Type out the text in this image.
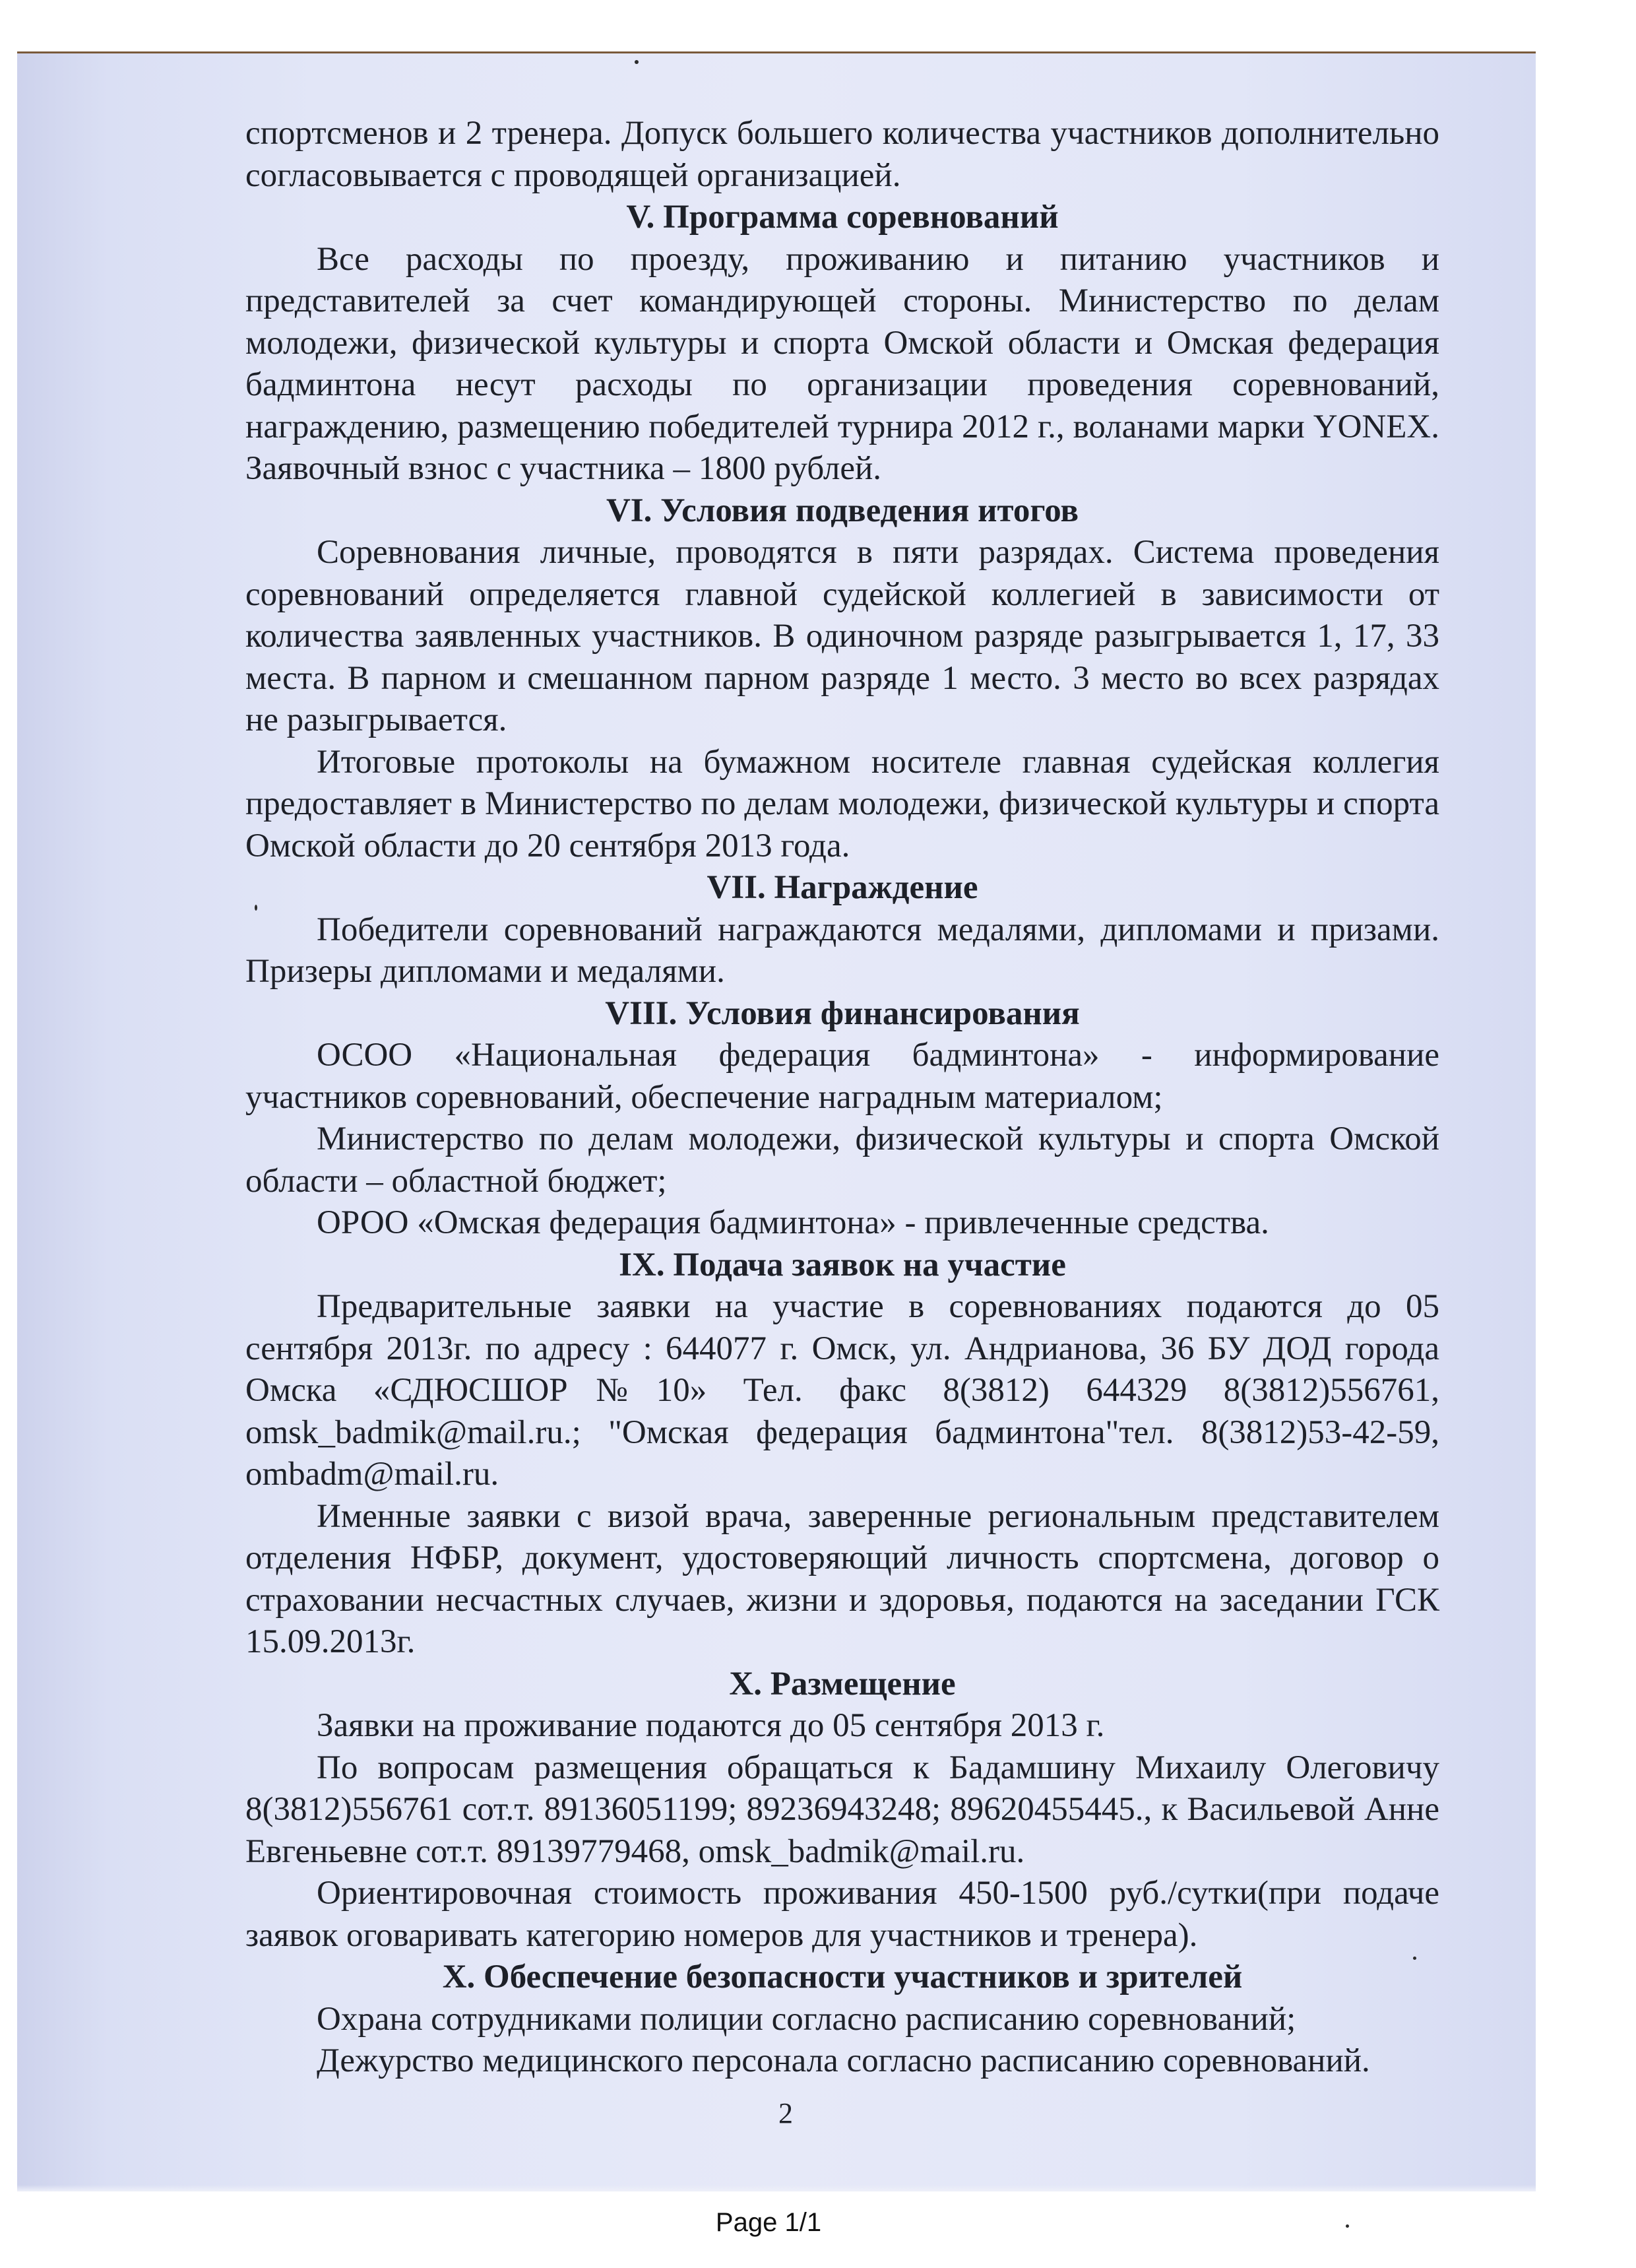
спортсменов и 2 тренера. Допуск большего количества участников дополнительно согласовывается с проводящей организацией.

V. Программа соревнований

Все расходы по проезду, проживанию и питанию участников и представителей за счет командирующей стороны. Министерство по делам молодежи, физической культуры и спорта Омской области и Омская федерация бадминтона несут расходы по организации проведения соревнований, награждению, размещению победителей турнира 2012 г., воланами марки YONEX. Заявочный взнос с участника – 1800 рублей.

VI. Условия подведения итогов

Соревнования личные, проводятся в пяти разрядах. Система проведения соревнований определяется главной судейской коллегией в зависимости от количества заявленных участников. В одиночном разряде разыгрывается 1, 17, 33 места. В парном и смешанном парном разряде 1 место. 3 место во всех разрядах не разыгрывается.

Итоговые протоколы на бумажном носителе главная судейская коллегия предоставляет в Министерство по делам молодежи, физической культуры и спорта Омской области до 20 сентября 2013 года.

VII. Награждение

Победители соревнований награждаются медалями, дипломами и призами. Призеры дипломами и медалями.

VIII. Условия финансирования

ОСОО «Национальная федерация бадминтона» - информирование участников соревнований, обеспечение наградным материалом;

Министерство по делам молодежи, физической культуры и спорта Омской области – областной бюджет;

ОРОО «Омская федерация бадминтона» - привлеченные средства.

IX. Подача заявок на участие

Предварительные заявки на участие в соревнованиях подаются до 05 сентября 2013г. по адресу : 644077 г. Омск, ул. Андрианова, 36 БУ ДОД города Омска «СДЮСШОР№10» Тел. факс 8(3812) 644329 8(3812)556761, omsk_badmik@mail.ru.; "Омская федерация бадминтона"тел. 8(3812)53-42-59, ombadm@mail.ru.

Именные заявки с визой врача, заверенные региональным представителем отделения НФБР, документ, удостоверяющий личность спортсмена, договор о страховании несчастных случаев, жизни и здоровья, подаются на заседании ГСК 15.09.2013г.

X. Размещение

Заявки на проживание подаются до 05 сентября 2013 г.

По вопросам размещения обращаться к Бадамшину Михаилу Олеговичу 8(3812)556761 сот.т. 89136051199; 89236943248; 89620455445., к Васильевой Анне Евгеньевне сот.т. 89139779468, omsk_badmik@mail.ru.

Ориентировочная стоимость проживания 450-1500 руб./сутки(при подаче заявок оговаривать категорию номеров для участников и тренера).

X. Обеспечение безопасности участников и зрителей

Охрана сотрудниками полиции согласно расписанию соревнований;

Дежурство медицинского персонала согласно расписанию соревнований.

2
Page 1/1
